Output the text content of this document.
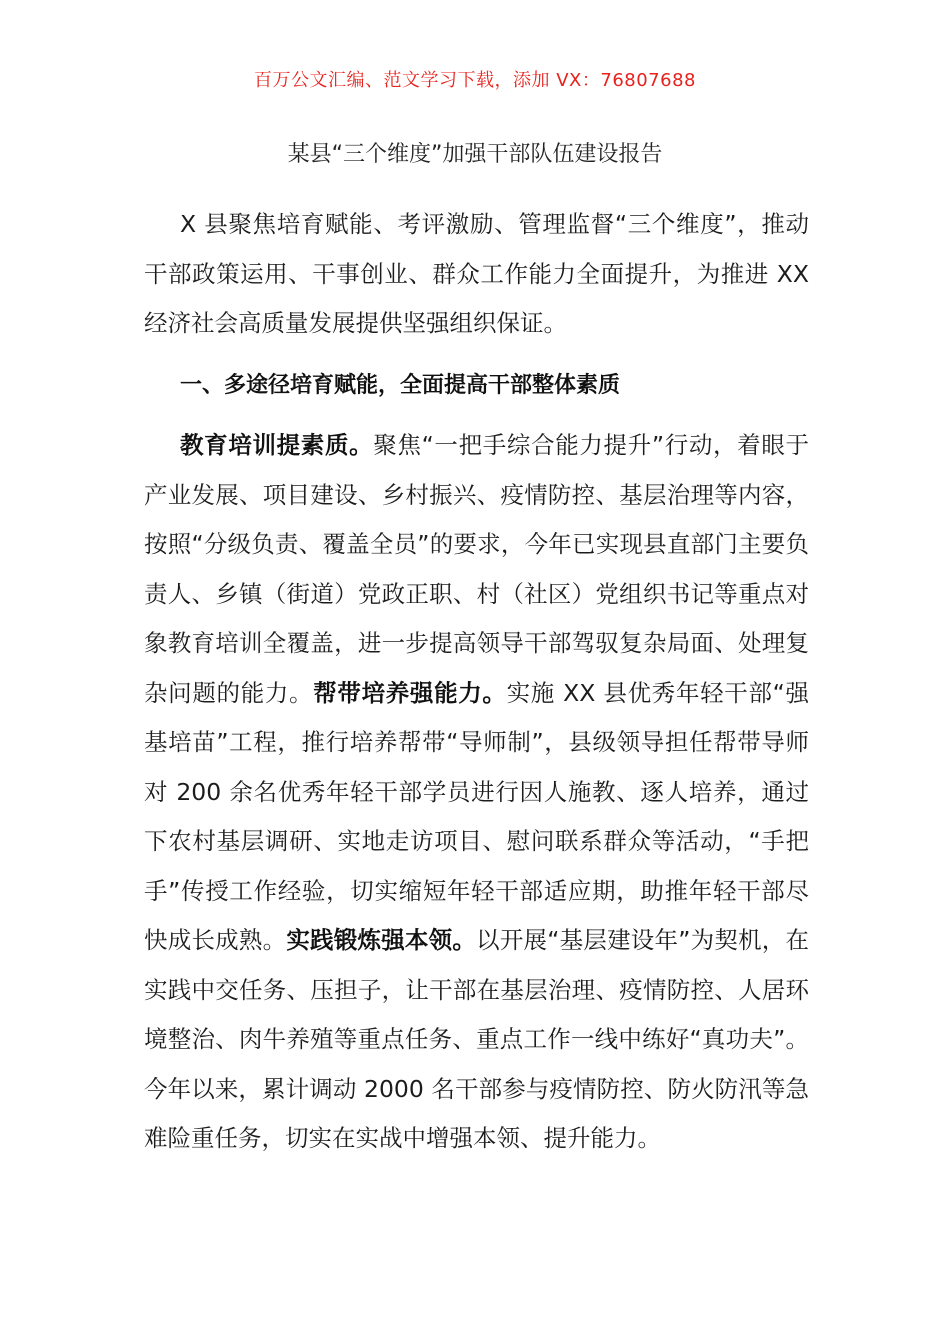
百万公文汇编、范文学习下载，添加 VX：76807688
某县“三个维度”加强干部队伍建设报告

X 县聚焦培育赋能、考评激励、管理监督“三个维度”，推动干部政策运用、干事创业、群众工作能力全面提升，为推进 XX 经济社会高质量发展提供坚强组织保证。

一、多途径培育赋能，全面提高干部整体素质

教育培训提素质。聚焦“一把手综合能力提升”行动，着眼于产业发展、项目建设、乡村振兴、疫情防控、基层治理等内容，按照“分级负责、覆盖全员”的要求，今年已实现县直部门主要负责人、乡镇（街道）党政正职、村（社区）党组织书记等重点对象教育培训全覆盖，进一步提高领导干部驾驭复杂局面、处理复杂问题的能力。帮带培养强能力。实施 XX 县优秀年轻干部“强基培苗”工程，推行培养帮带“导师制”，县级领导担任帮带导师对 200 余名优秀年轻干部学员进行因人施教、逐人培养，通过下农村基层调研、实地走访项目、慰问联系群众等活动，“手把手”传授工作经验，切实缩短年轻干部适应期，助推年轻干部尽快成长成熟。实践锻炼强本领。以开展“基层建设年”为契机，在实践中交任务、压担子，让干部在基层治理、疫情防控、人居环境整治、肉牛养殖等重点任务、重点工作一线中练好“真功夫”。今年以来，累计调动 2000 名干部参与疫情防控、防火防汛等急难险重任务，切实在实战中增强本领、提升能力。
